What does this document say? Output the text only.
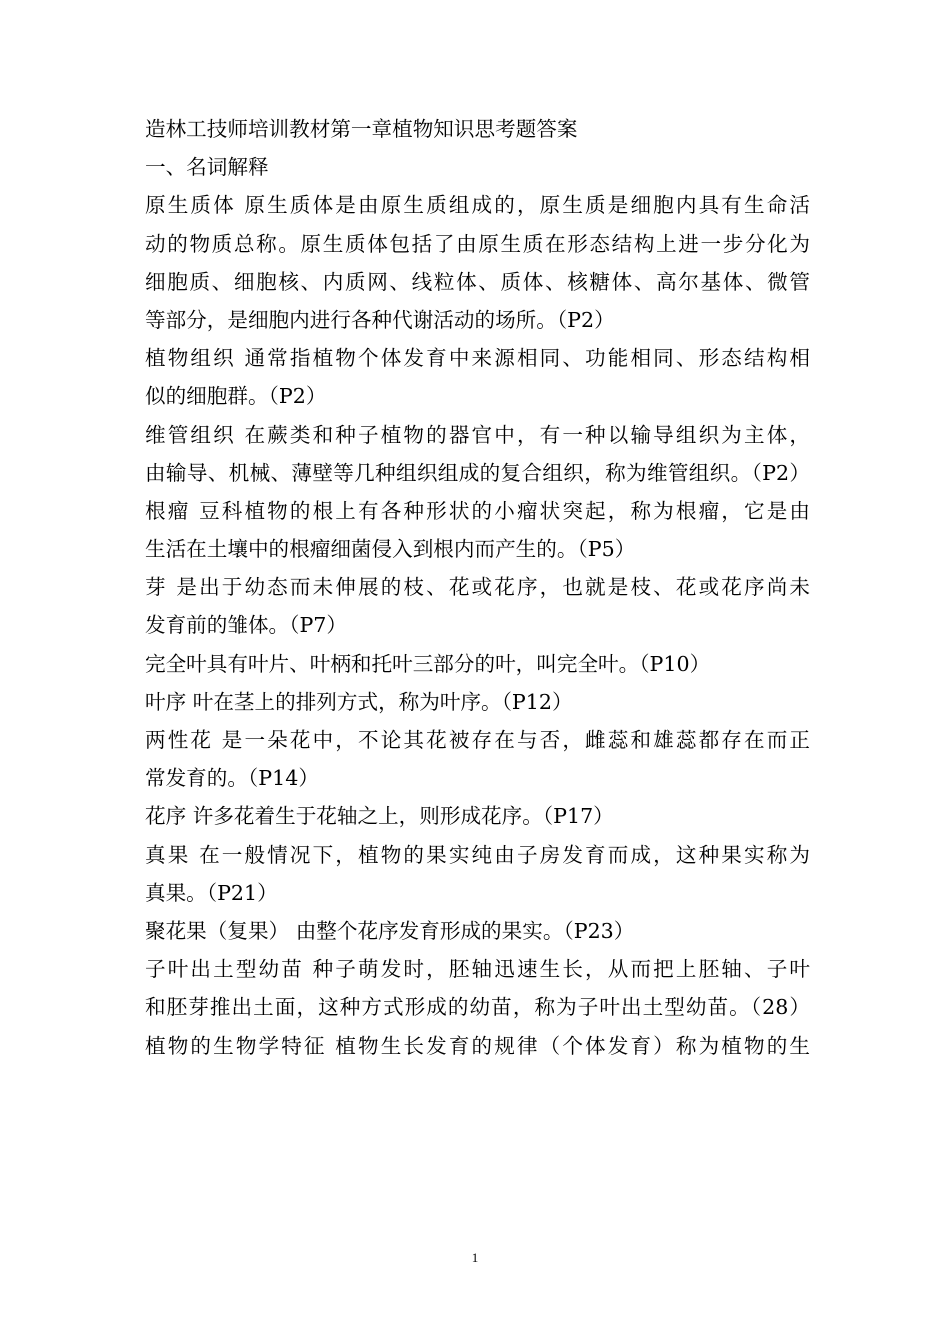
造林工技师培训教材第一章植物知识思考题答案
一、名词解释
原生质体 原生质体是由原生质组成的，原生质是细胞内具有生命活
动的物质总称。原生质体包括了由原生质在形态结构上进一步分化为
细胞质、细胞核、内质网、线粒体、质体、核糖体、高尔基体、微管
等部分，是细胞内进行各种代谢活动的场所。（P2）
植物组织 通常指植物个体发育中来源相同、功能相同、形态结构相
似的细胞群。（P2）
维管组织 在蕨类和种子植物的器官中，有一种以输导组织为主体，
由输导、机械、薄壁等几种组织组成的复合组织，称为维管组织。（P2）
根瘤 豆科植物的根上有各种形状的小瘤状突起，称为根瘤，它是由
生活在土壤中的根瘤细菌侵入到根内而产生的。（P5）
芽 是出于幼态而未伸展的枝、花或花序，也就是枝、花或花序尚未
发育前的雏体。（P7）
完全叶具有叶片、叶柄和托叶三部分的叶，叫完全叶。（P10）
叶序 叶在茎上的排列方式，称为叶序。（P12）
两性花 是一朵花中，不论其花被存在与否，雌蕊和雄蕊都存在而正
常发育的。（P14）
花序 许多花着生于花轴之上，则形成花序。（P17）
真果 在一般情况下，植物的果实纯由子房发育而成，这种果实称为
真果。（P21）
聚花果（复果） 由整个花序发育形成的果实。（P23）
子叶出土型幼苗 种子萌发时，胚轴迅速生长，从而把上胚轴、子叶
和胚芽推出土面，这种方式形成的幼苗，称为子叶出土型幼苗。（28）
植物的生物学特征 植物生长发育的规律（个体发育）称为植物的生
1
